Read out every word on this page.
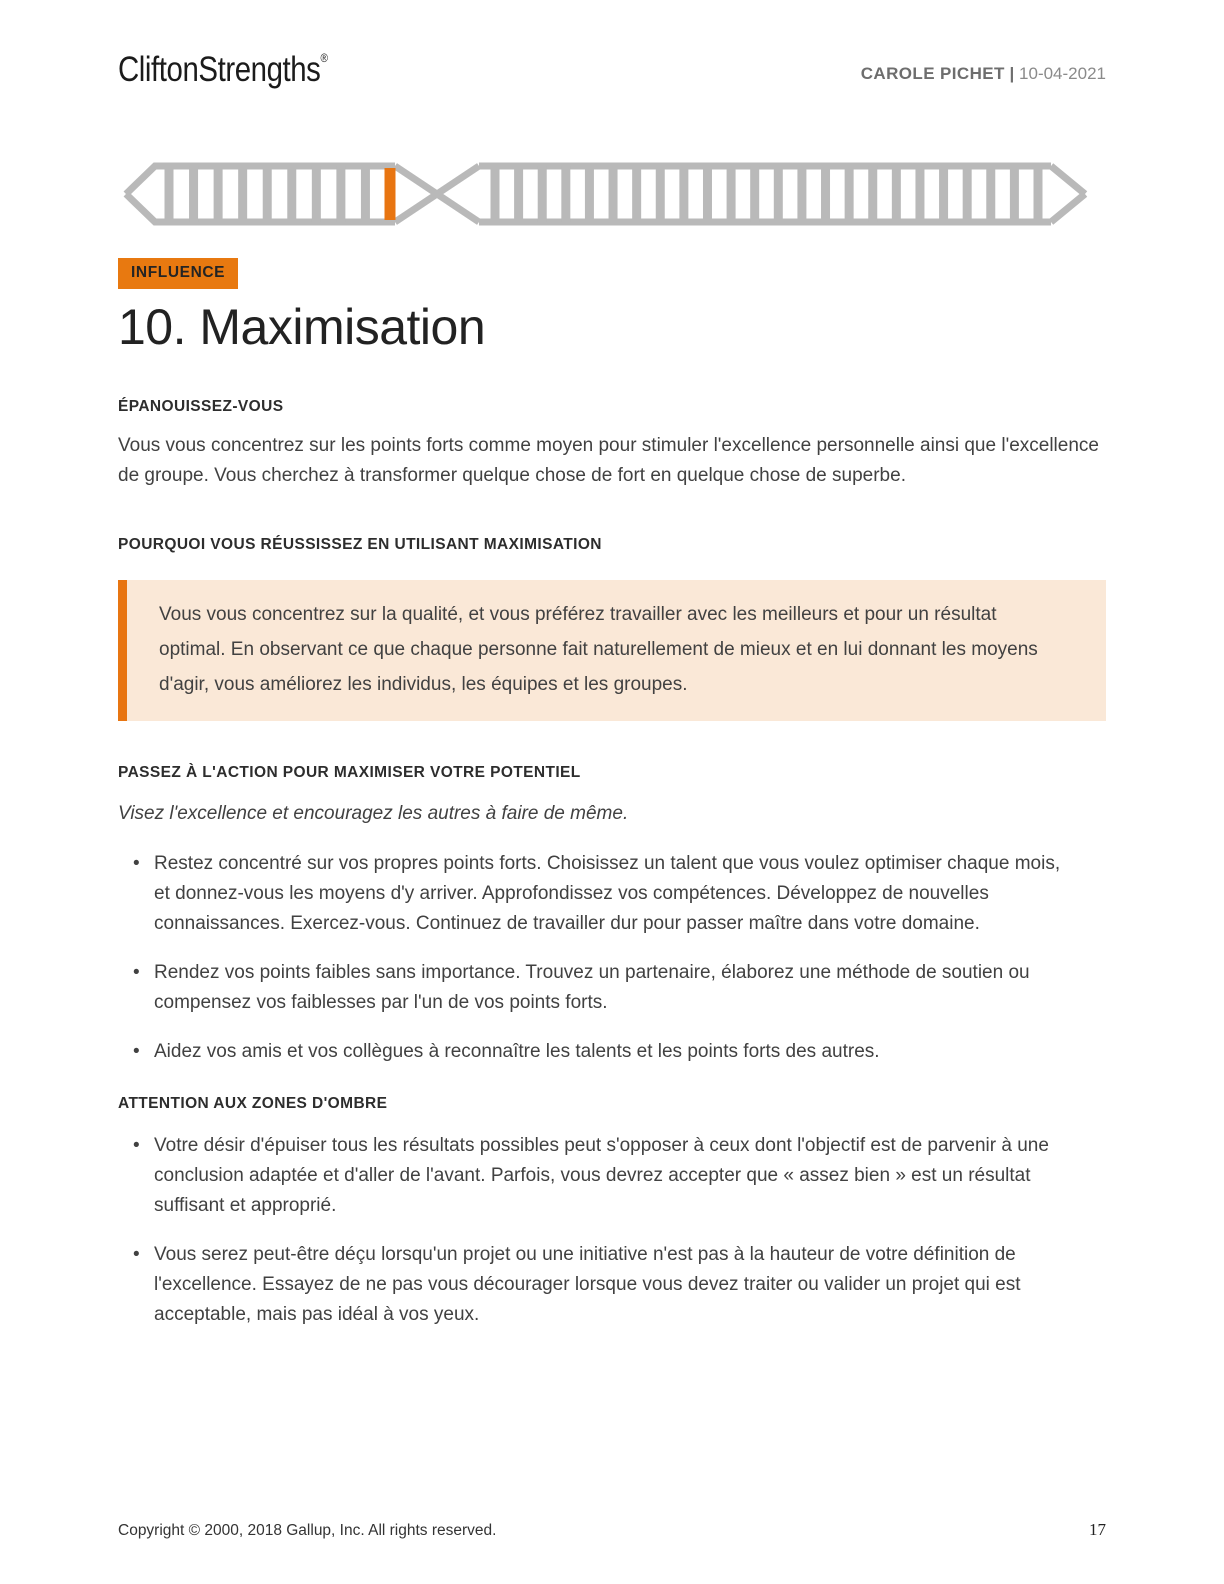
CliftonStrengths®
CAROLE PICHET | 10-04-2021
INFLUENCE
10. Maximisation
ÉPANOUISSEZ-VOUS

Vous vous concentrez sur les points forts comme moyen pour stimuler l'excellence personnelle ainsi que l'excellence de groupe. Vous cherchez à transformer quelque chose de fort en quelque chose de superbe.

POURQUOI VOUS RÉUSSISSEZ EN UTILISANT MAXIMISATION
Vous vous concentrez sur la qualité, et vous préférez travailler avec les meilleurs et pour un résultat optimal. En observant ce que chaque personne fait naturellement de mieux et en lui donnant les moyens d'agir, vous améliorez les individus, les équipes et les groupes.
PASSEZ À L'ACTION POUR MAXIMISER VOTRE POTENTIEL

Visez l'excellence et encouragez les autres à faire de même.

• Restez concentré sur vos propres points forts. Choisissez un talent que vous voulez optimiser chaque mois, et donnez-vous les moyens d'y arriver. Approfondissez vos compétences. Développez de nouvelles connaissances. Exercez-vous. Continuez de travailler dur pour passer maître dans votre domaine.
• Rendez vos points faibles sans importance. Trouvez un partenaire, élaborez une méthode de soutien ou compensez vos faiblesses par l'un de vos points forts.
• Aidez vos amis et vos collègues à reconnaître les talents et les points forts des autres.
ATTENTION AUX ZONES D'OMBRE
• Votre désir d'épuiser tous les résultats possibles peut s'opposer à ceux dont l'objectif est de parvenir à une conclusion adaptée et d'aller de l'avant. Parfois, vous devrez accepter que « assez bien » est un résultat suffisant et approprié.
• Vous serez peut-être déçu lorsqu'un projet ou une initiative n'est pas à la hauteur de votre définition de l'excellence. Essayez de ne pas vous décourager lorsque vous devez traiter ou valider un projet qui est acceptable, mais pas idéal à vos yeux.
Copyright © 2000, 2018 Gallup, Inc. All rights reserved.	17
